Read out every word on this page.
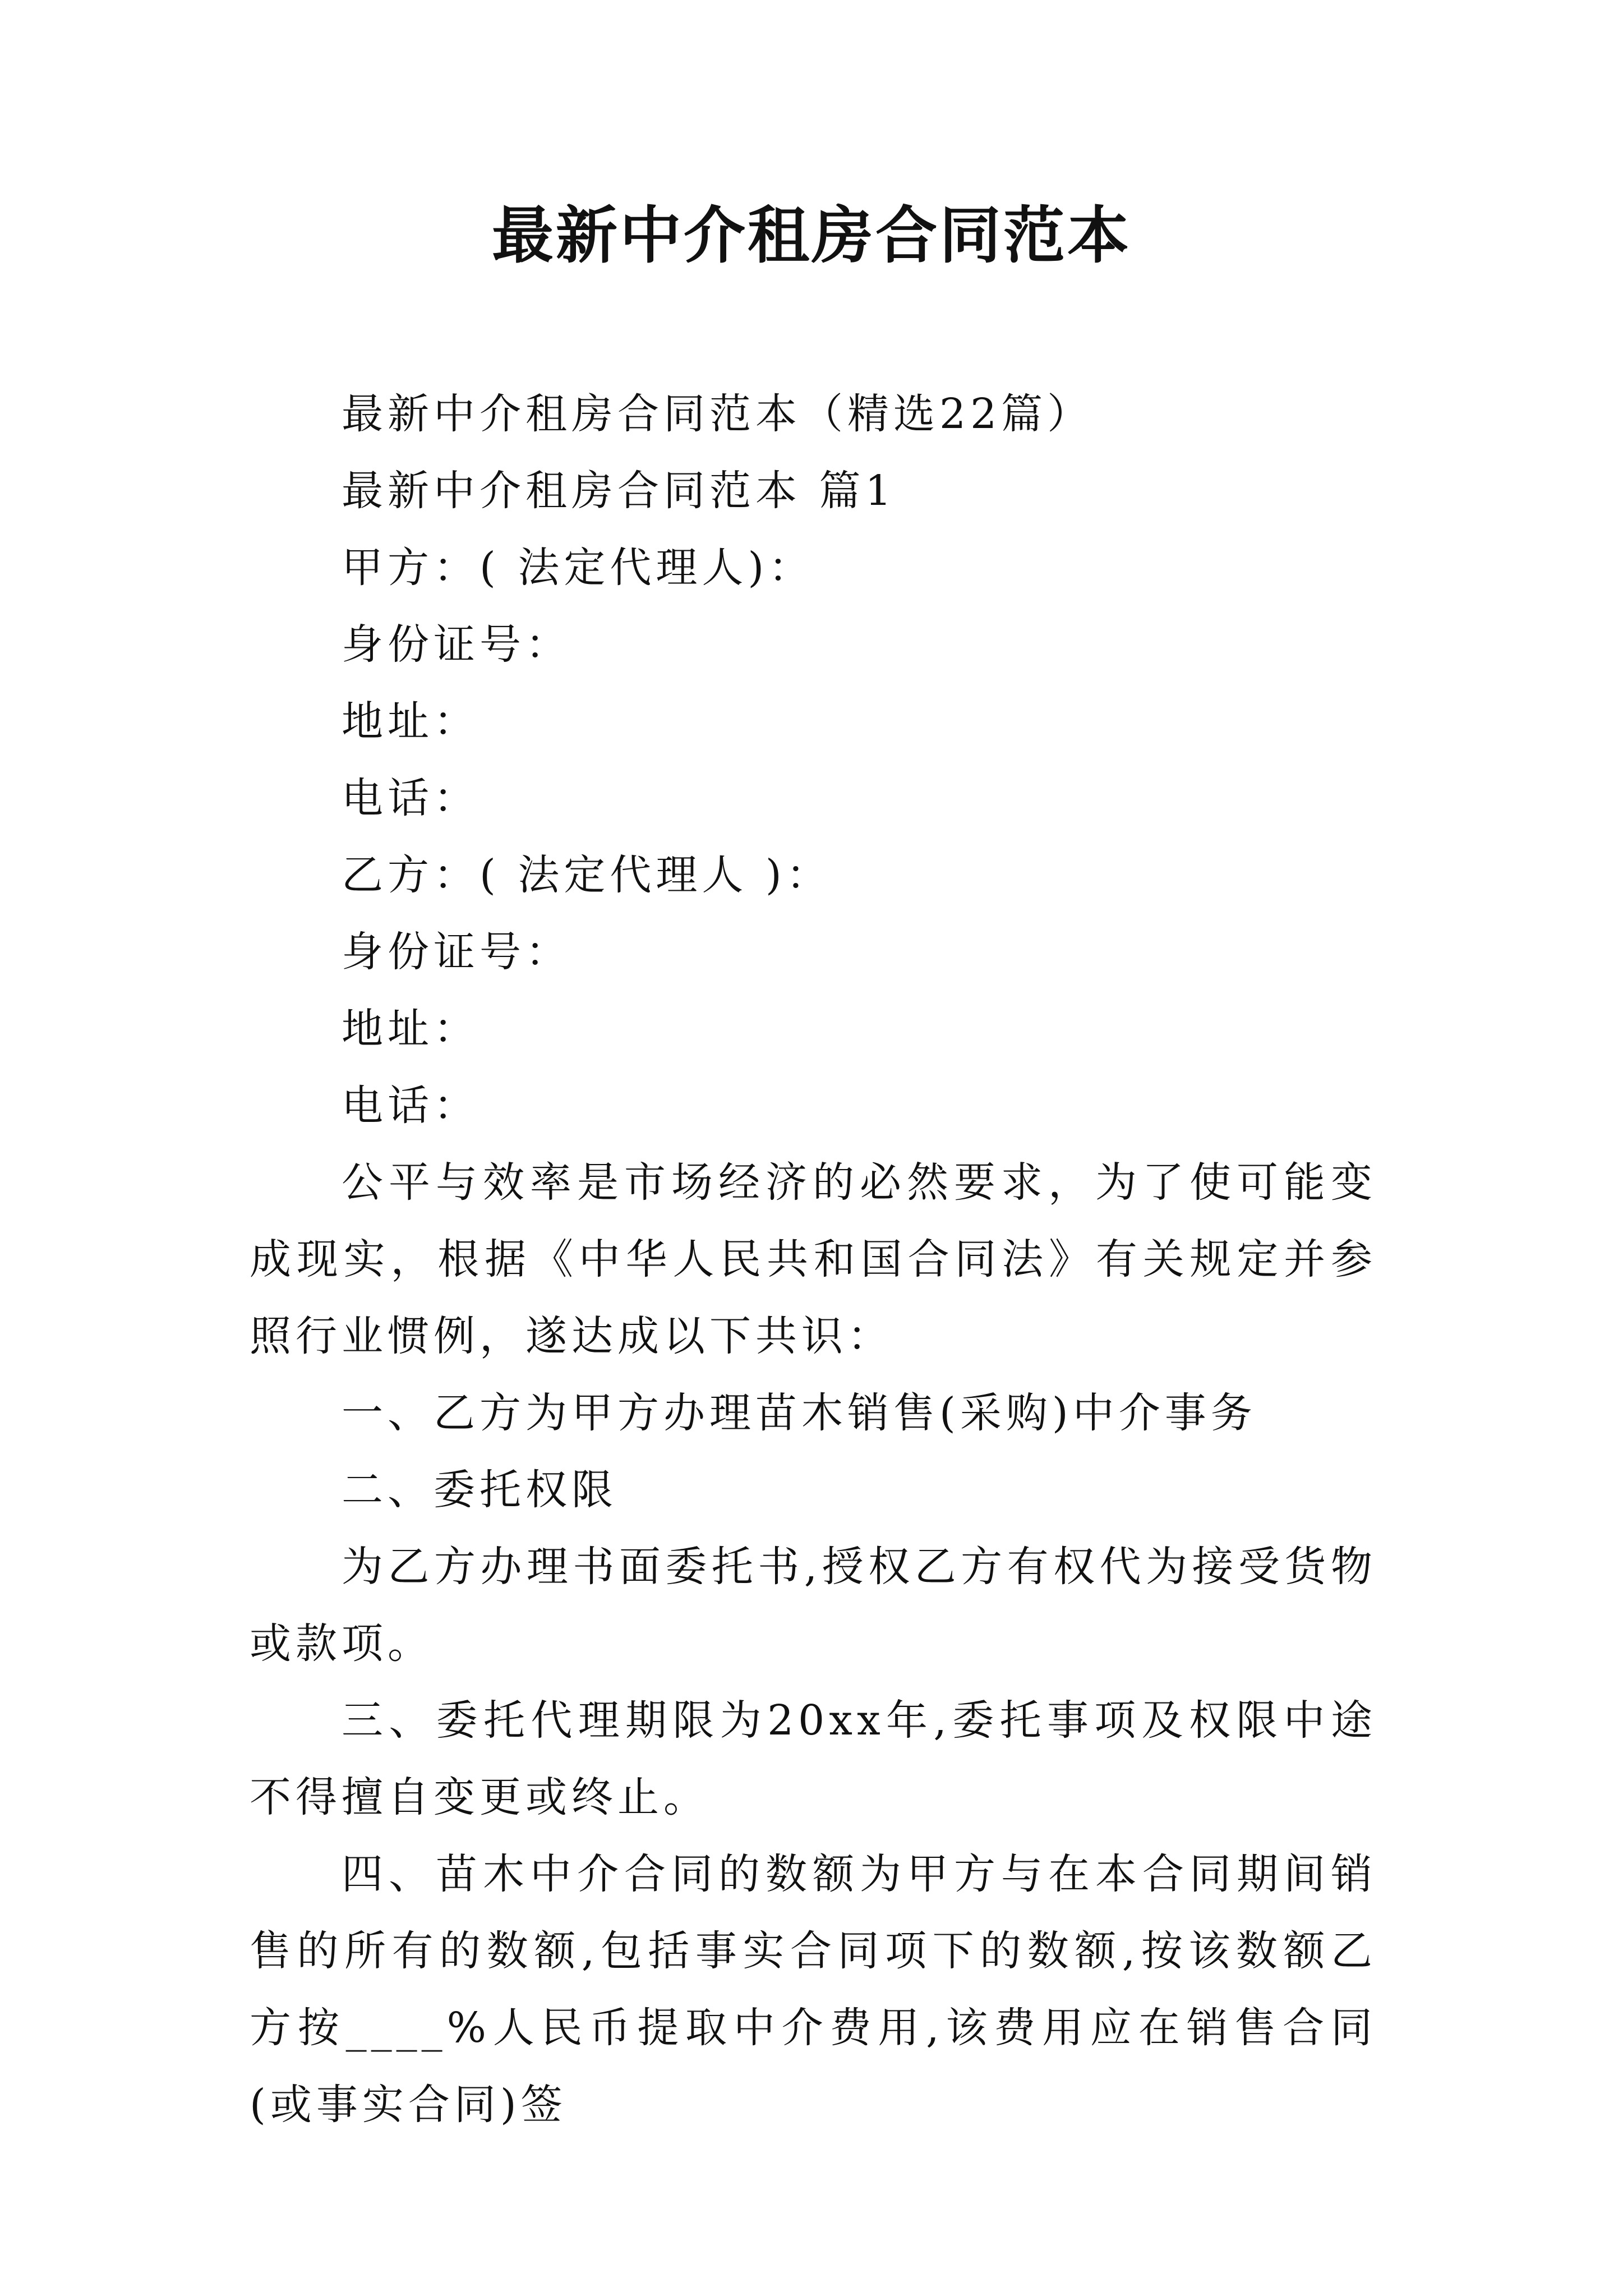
最新中介租房合同范本

最新中介租房合同范本（精选22篇）

最新中介租房合同范本 篇1

甲方：( 法定代理人)：

身份证号：

地址：

电话：

乙方：( 法定代理人 )：

身份证号：

地址：

电话：

公平与效率是市场经济的必然要求，为了使可能变成现实，根据《中华人民共和国合同法》有关规定并参照行业惯例，遂达成以下共识：

一、乙方为甲方办理苗木销售(采购)中介事务

二、委托权限

为乙方办理书面委托书,授权乙方有权代为接受货物或款项。

三、委托代理期限为20xx年,委托事项及权限中途不得擅自变更或终止。

四、苗木中介合同的数额为甲方与在本合同期间销售的所有的数额,包括事实合同项下的数额,按该数额乙方按____%人民币提取中介费用,该费用应在销售合同(或事实合同)签
